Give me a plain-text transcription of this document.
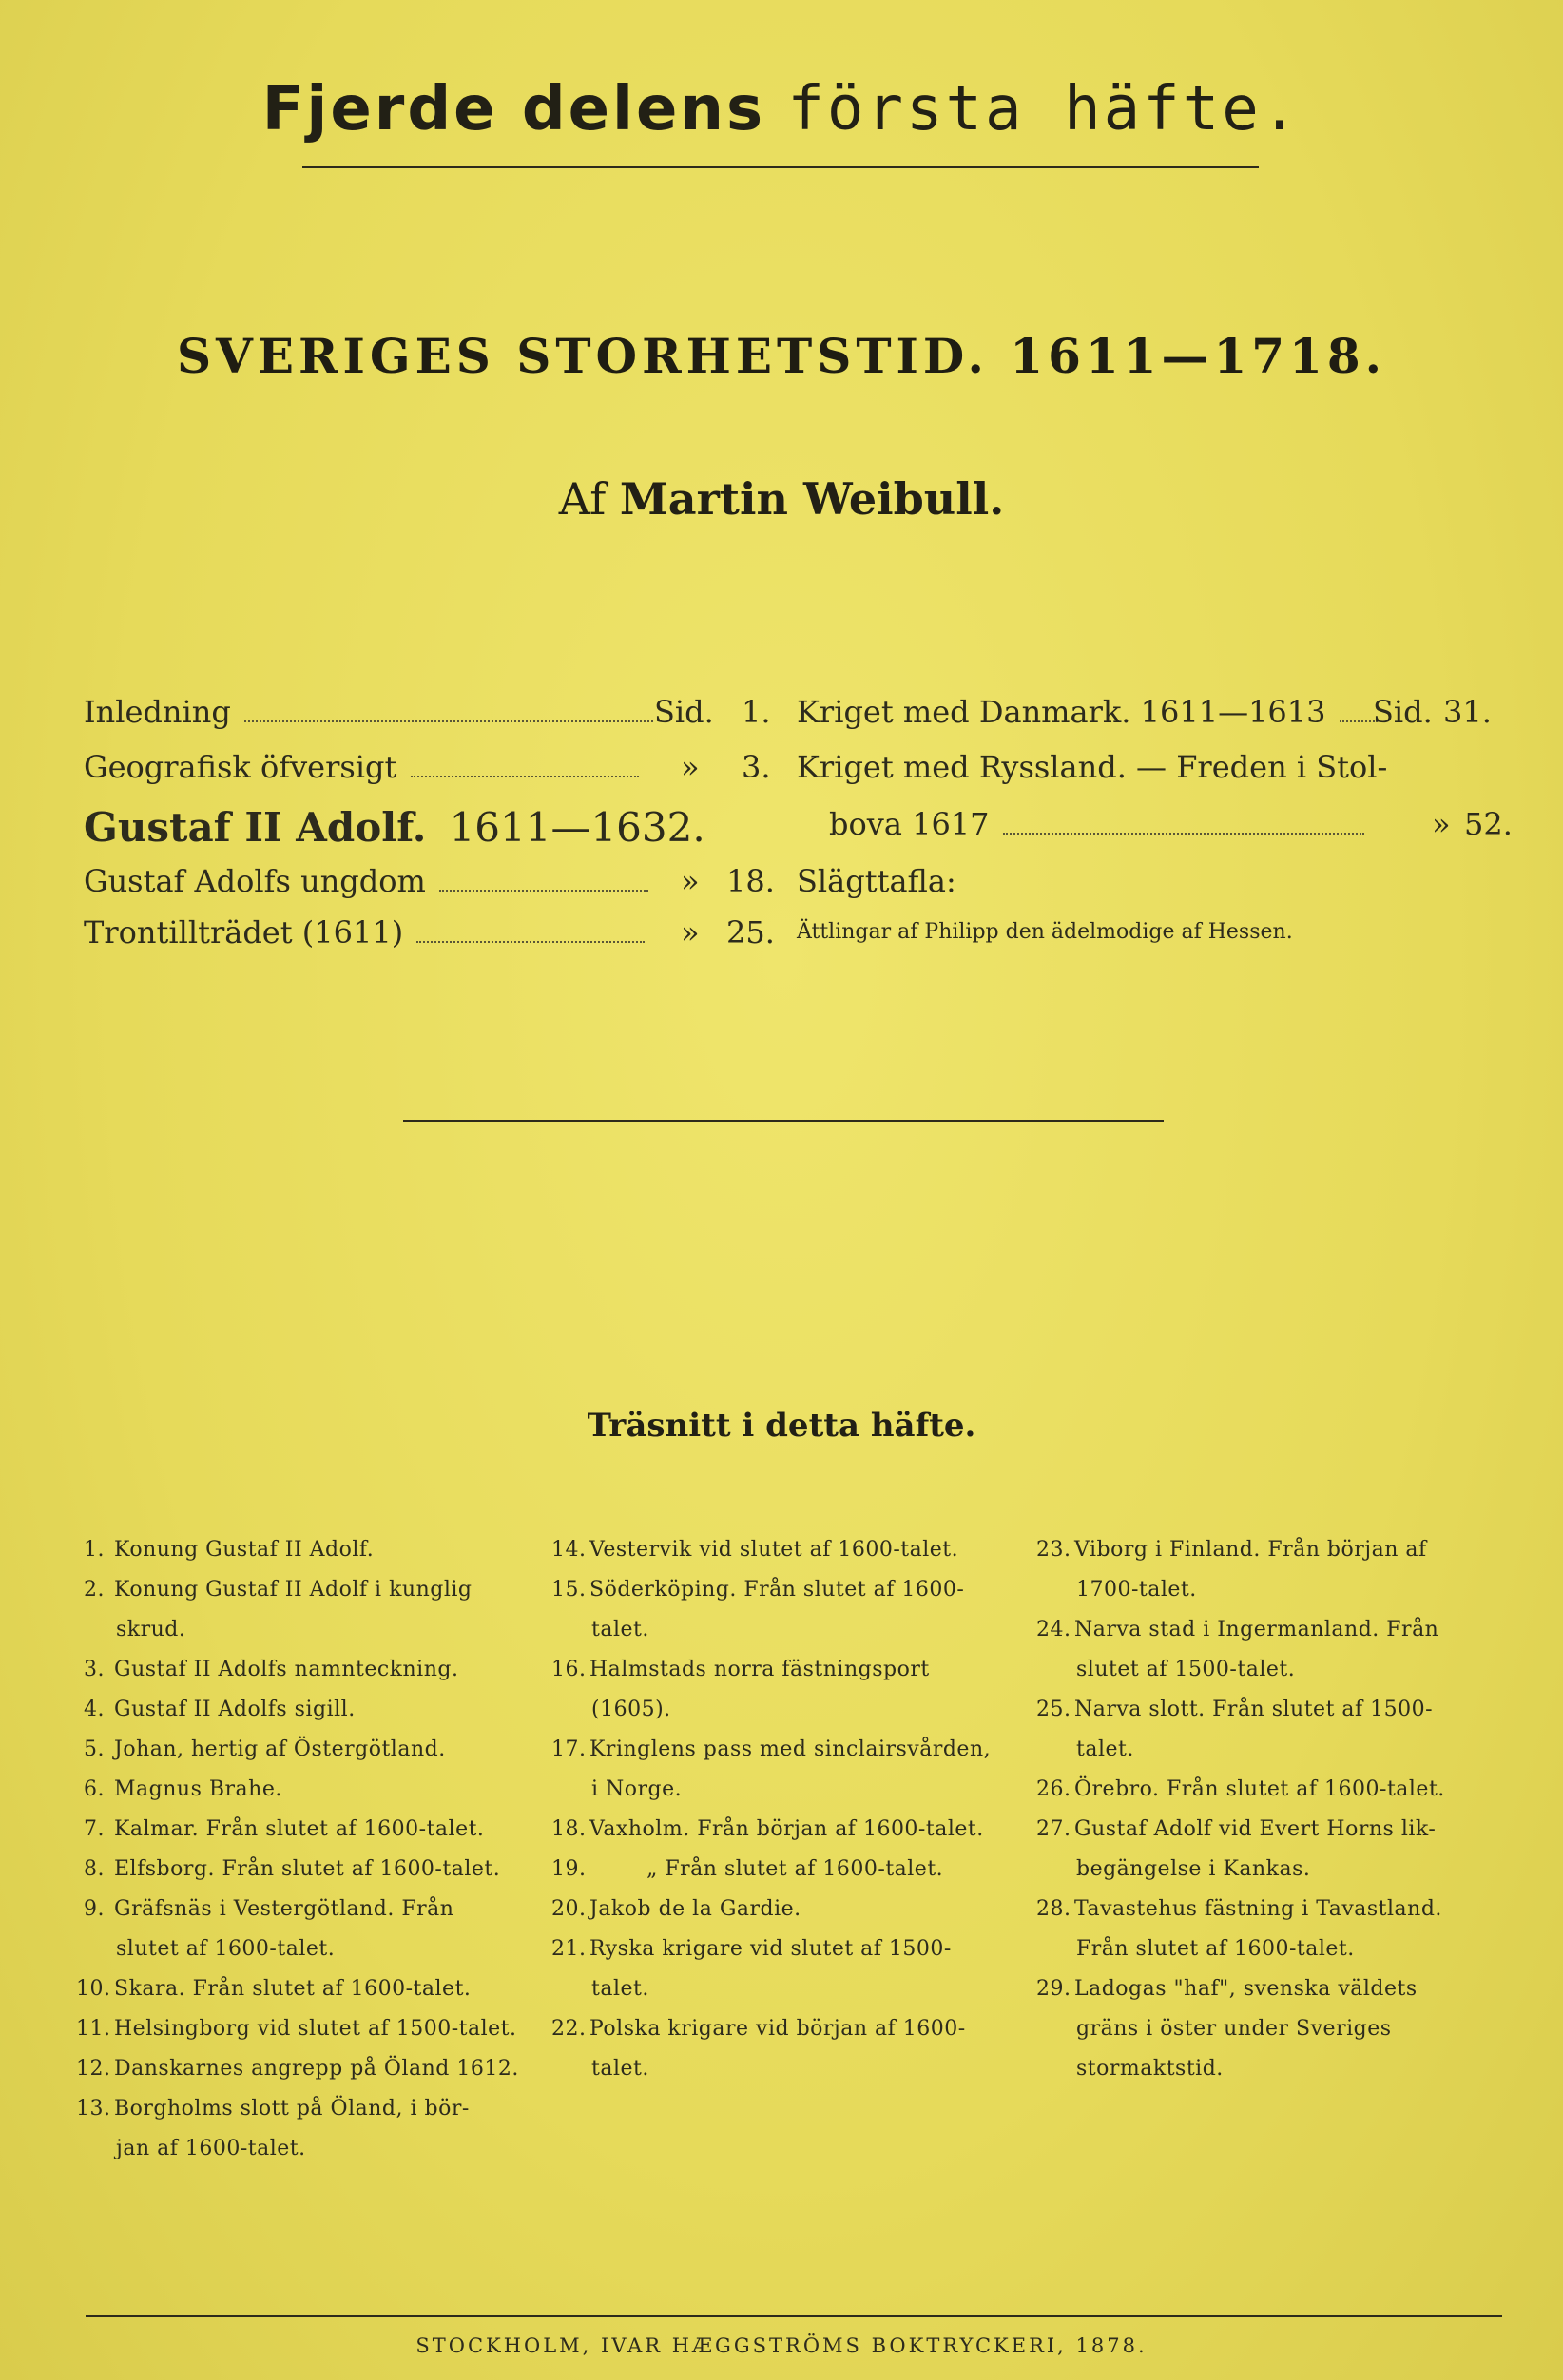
Fjerde delens första häfte.
SVERIGES STORHETSTID. 1611—1718.
Af Martin Weibull.
Inledning	Sid. 1.
Geografisk öfversigt	» 3.
Gustaf II Adolf. 1611—1632.
Gustaf Adolfs ungdom	» 18.
Trontillträdet (1611)	» 25.
Kriget med Danmark. 1611—1613 Sid. 31.
Kriget med Ryssland. — Freden i Stol-
bova 1617	» 52.
Slägttafla:
Ättlingar af Philipp den ädelmodige af Hessen.
Träsnitt i detta häfte.
1. Konung Gustaf II Adolf.
2. Konung Gustaf II Adolf i kunglig
skrud.
3. Gustaf II Adolfs namnteckning.
4. Gustaf II Adolfs sigill.
5. Johan, hertig af Östergötland.
6. Magnus Brahe.
7. Kalmar. Från slutet af 1600-talet.
8. Elfsborg. Från slutet af 1600-talet.
9. Gräfsnäs i Vestergötland. Från
slutet af 1600-talet.
10. Skara. Från slutet af 1600-talet.
11. Helsingborg vid slutet af 1500-talet.
12. Danskarnes angrepp på Öland 1612.
13. Borgholms slott på Öland, i bör-
jan af 1600-talet.
14. Vestervik vid slutet af 1600-talet.
15. Söderköping. Från slutet af 1600-
talet.
16. Halmstads norra fästningsport
(1605).
17. Kringlens pass med sinclairsvården,
i Norge.
18. Vaxholm. Från början af 1600-talet.
19.	„ Från slutet af 1600-talet.
20. Jakob de la Gardie.
21. Ryska krigare vid slutet af 1500-
talet.
22. Polska krigare vid början af 1600-
talet.
23. Viborg i Finland. Från början af
1700-talet.
24. Narva stad i Ingermanland. Från
slutet af 1500-talet.
25. Narva slott. Från slutet af 1500-
talet.
26. Örebro. Från slutet af 1600-talet.
27. Gustaf Adolf vid Evert Horns lik-
begängelse i Kankas.
28. Tavastehus fästning i Tavastland.
Från slutet af 1600-talet.
29. Ladogas "haf", svenska väldets
gräns i öster under Sveriges
stormaktstid.
STOCKHOLM, IVAR HÆGGSTRÖMS BOKTRYCKERI, 1878.
